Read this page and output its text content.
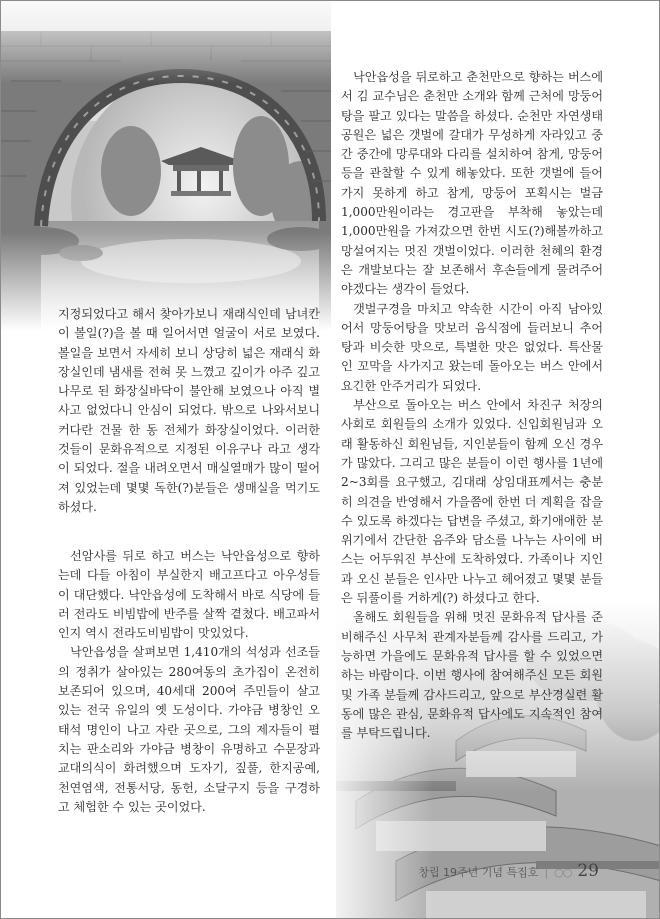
지정되었다고 해서 찾아가보니 재래식인데 남녀칸이 볼일(?)을 볼 때 일어서면 얼굴이 서로 보였다. 볼일을 보면서 자세히 보니 상당히 넓은 재래식 화장실인데 냄새를 전혀 못 느꼈고 깊이가 아주 깊고 나무로 된 화장실바닥이 불안해 보였으나 아직 별 사고 없었다니 안심이 되었다. 밖으로 나와서보니 커다란 건물 한 동 전체가 화장실이었다. 이러한 것들이 문화유적으로 지정된 이유구나 라고 생각이 되었다. 절을 내려오면서 매실열매가 많이 떨어져 있었는데 몇몇 독한(?)분들은 생매실을 먹기도 하셨다.

선암사를 뒤로 하고 버스는 낙안읍성으로 향하는데 다들 아침이 부실한지 배고프다고 아우성들이 대단했다. 낙안읍성에 도착해서 바로 식당에 들러 전라도 비빔밥에 반주를 살짝 곁쳤다. 배고파서인지 역시 전라도비빔밥이 맛있었다.

낙안읍성을 살펴보면 1,410개의 석성과 선조들의 정취가 살아있는 280여동의 초가집이 온전히 보존되어 있으며, 40세대 200여 주민들이 살고 있는 전국 유일의 옛 도성이다. 가야금 병창인 오태석 명인이 나고 자란 곳으로, 그의 제자들이 펼치는 판소리와 가야금 병창이 유명하고 수문장과 교대의식이 화려했으며 도자기, 짚풀, 한지공예, 천연염색, 전통서당, 동헌, 소달구지 등을 구경하고 체험한 수 있는 곳이었다.

낙안읍성을 뒤로하고 춘천만으로 향하는 버스에서 김 교수님은 춘천만 소개와 함께 근처에 망둥어탕을 팔고 있다는 말씀을 하셨다. 순천만 자연생태공원은 넓은 갯벌에 갈대가 무성하게 자라있고 중간 중간에 망루대와 다리를 설치하여 참게, 망둥어 등을 관찰할 수 있게 해놓았다. 또한 갯벌에 들어가지 못하게 하고 참게, 망둥어 포획시는 벌금 1,000만원이라는 경고판을 부착해 놓았는데 1,000만원을 가져갔으면 한번 시도(?)해볼까하고 망설여지는 멋진 갯벌이었다. 이러한 천혜의 환경은 개발보다는 잘 보존해서 후손들에게 물려주어야겠다는 생각이 들었다.

갯벌구경을 마치고 약속한 시간이 아직 남아있어서 망둥어탕을 맛보러 음식점에 들러보니 추어탕과 비슷한 맛으로, 특별한 맛은 없었다. 특산물인 꼬막을 사가지고 왔는데 돌아오는 버스 안에서 요긴한 안주거리가 되었다.

부산으로 돌아오는 버스 안에서 차진구 처장의 사회로 회원들의 소개가 있었다. 신입회원님과 오래 활동하신 회원님들, 지인분들이 함께 오신 경우가 많았다. 그리고 많은 분들이 이런 행사를 1년에 2~3회를 요구했고, 김대래 상임대표께서는 충분히 의견을 반영해서 가을쯤에 한번 더 계획을 잡을 수 있도록 하겠다는 답변을 주셨고, 화기애애한 분위기에서 간단한 음주와 담소를 나누는 사이에 버스는 어두워진 부산에 도착하였다. 가족이나 지인과 오신 분들은 인사만 나누고 헤어졌고 몇몇 분들은 뒤풀이를 거하게(?) 하셨다고 한다.

올해도 회원들을 위해 멋진 문화유적 답사를 준비해주신 사무처 관계자분들께 감사를 드리고, 가능하면 가을에도 문화유적 답사를 할 수 있었으면 하는 바람이다. 이번 행사에 참여해주신 모든 회원 및 가족 분들께 감사드리고, 앞으로 부산경실련 활동에 많은 관심, 문화유적 답사에도 지속적인 참여를 부탁드립니다.

창립 19주년 기념 특집호 | ○○ 29
